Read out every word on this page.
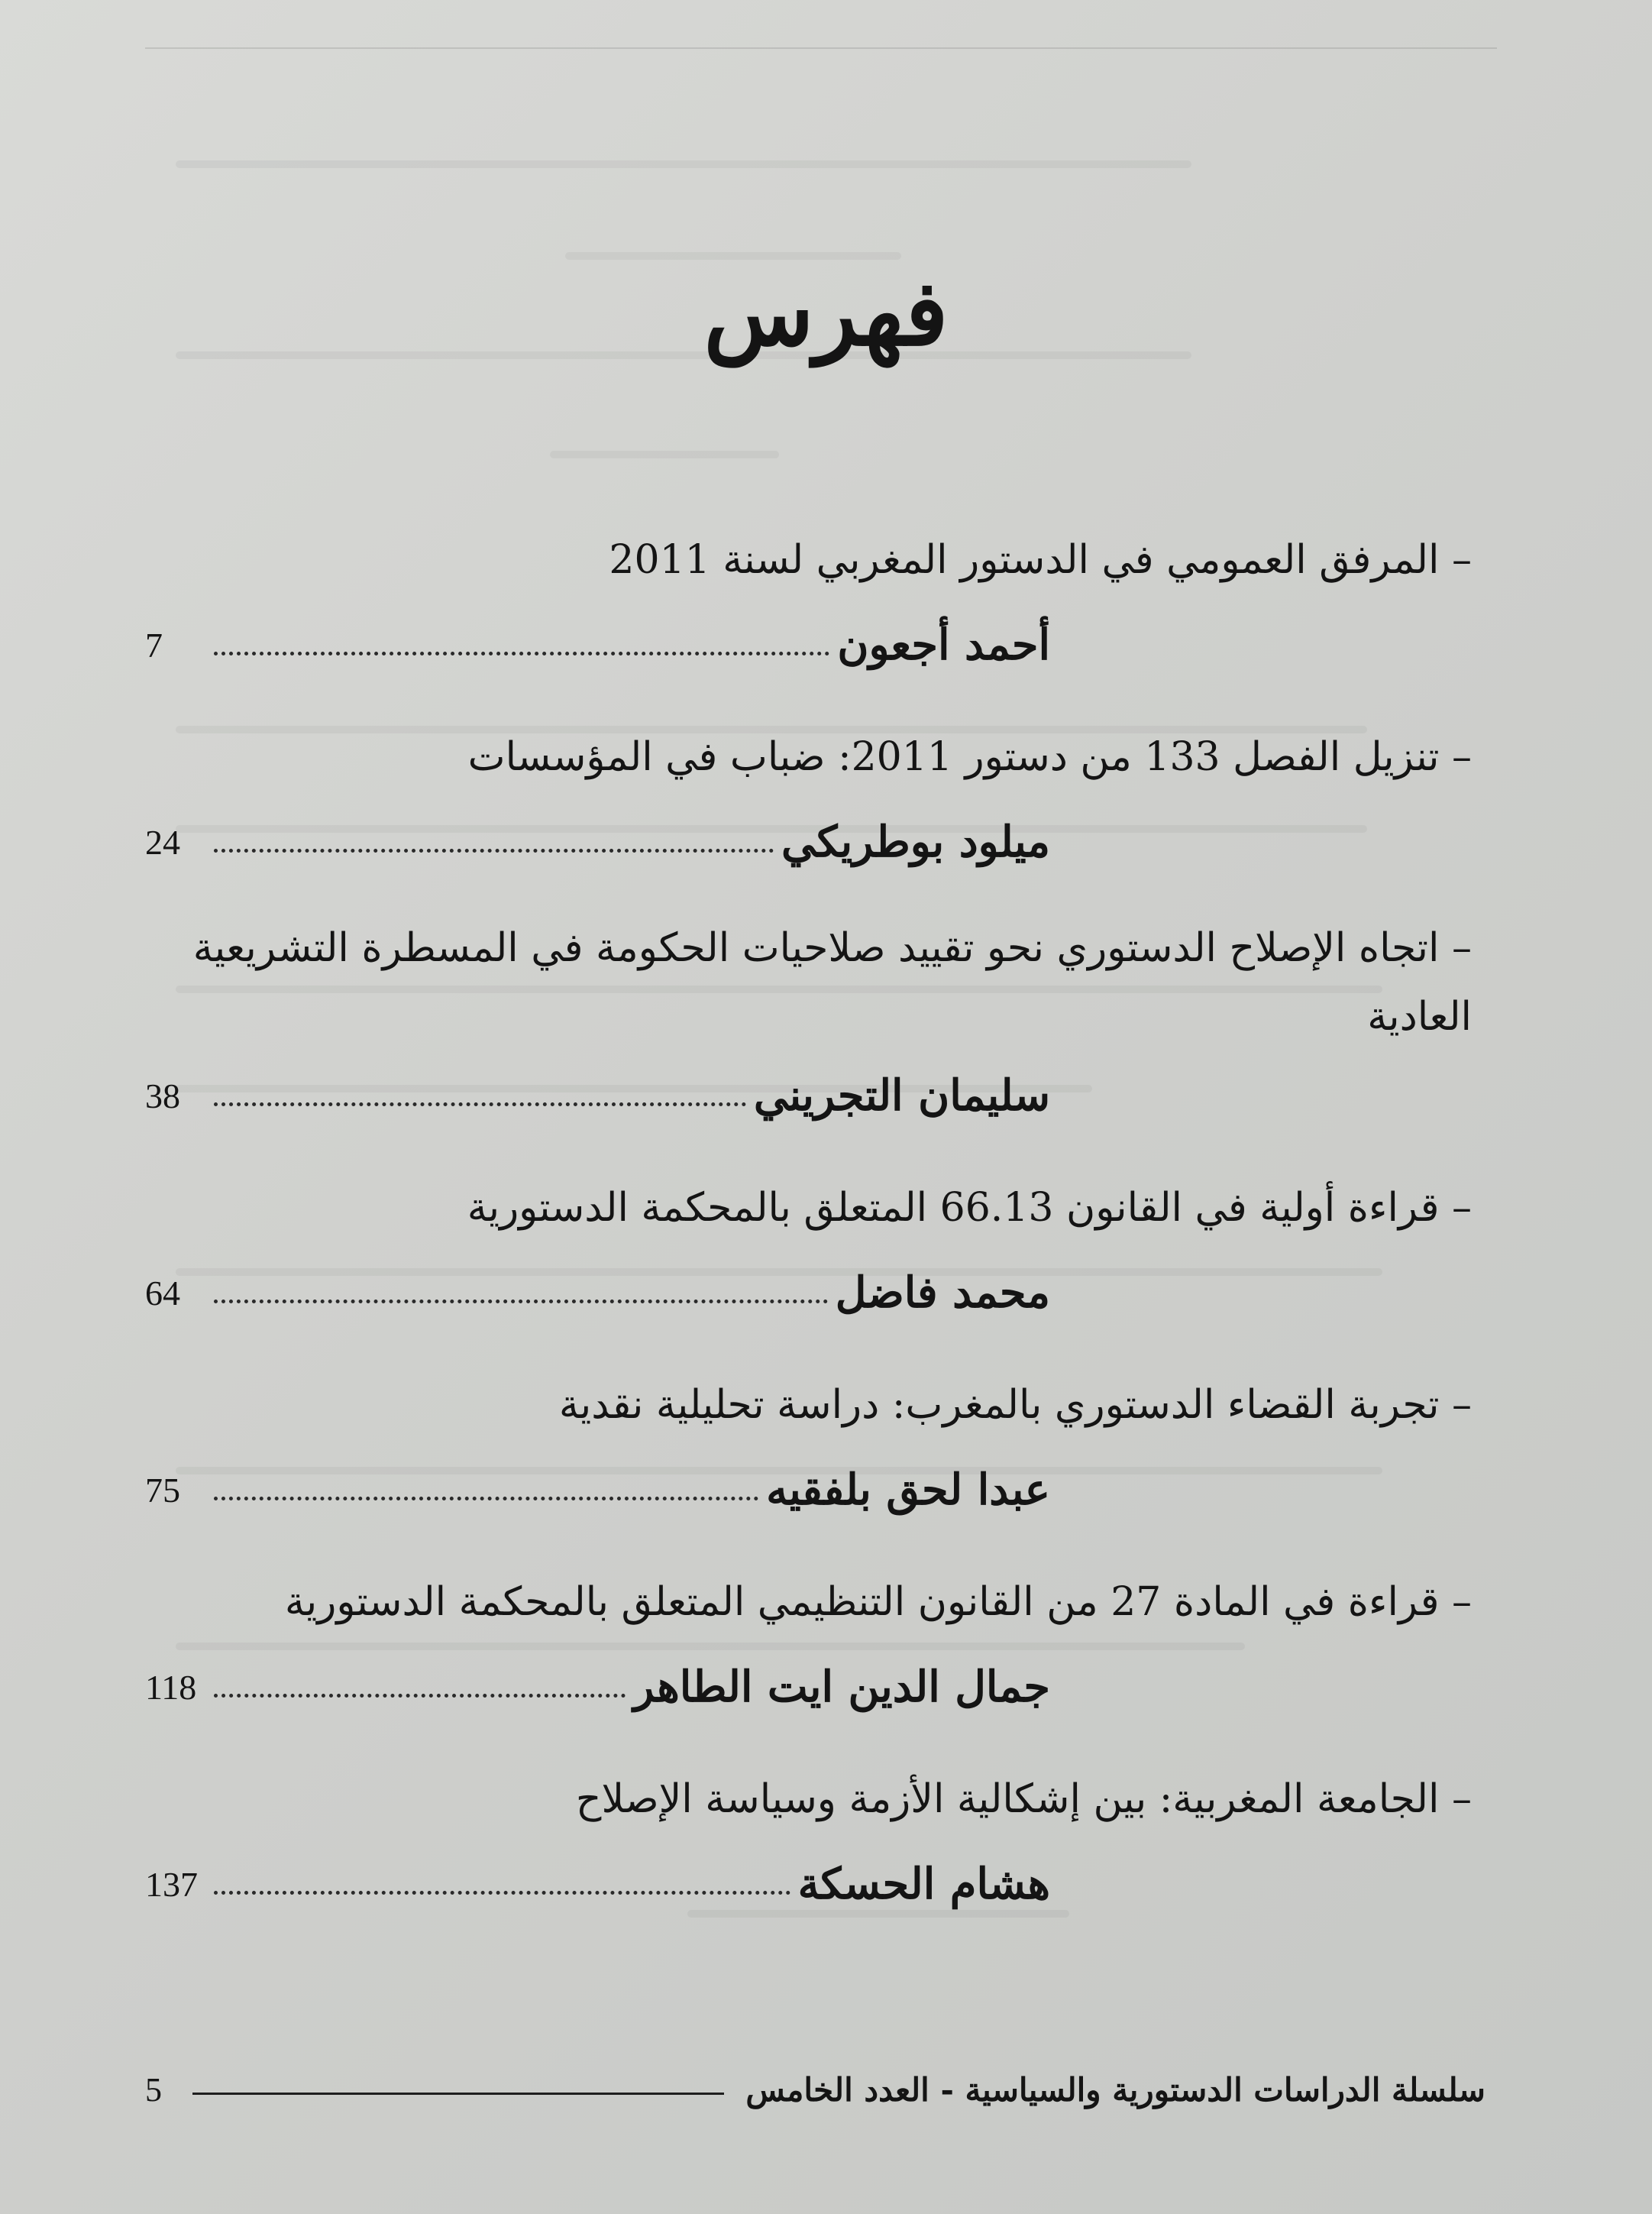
فهرس
– المرفق العمومي في الدستور المغربي لسنة 2011
أحمد أجعون
7
– تنزيل الفصل 133 من دستور 2011: ضباب في المؤسسات
ميلود بوطريكي
24
– اتجاه الإصلاح الدستوري نحو تقييد صلاحيات الحكومة في المسطرة التشريعية العادية
سليمان التجريني
38
– قراءة أولية في القانون 66.13 المتعلق بالمحكمة الدستورية
محمد فاضل
64
– تجربة القضاء الدستوري بالمغرب: دراسة تحليلية نقدية
عبدا لحق بلفقيه
75
– قراءة في المادة 27 من القانون التنظيمي المتعلق بالمحكمة الدستورية
جمال الدين ايت الطاهر
118
– الجامعة المغربية: بين إشكالية الأزمة وسياسة الإصلاح
هشام الحسكة
137
سلسلة الدراسات الدستورية والسياسية - العدد الخامس
5
